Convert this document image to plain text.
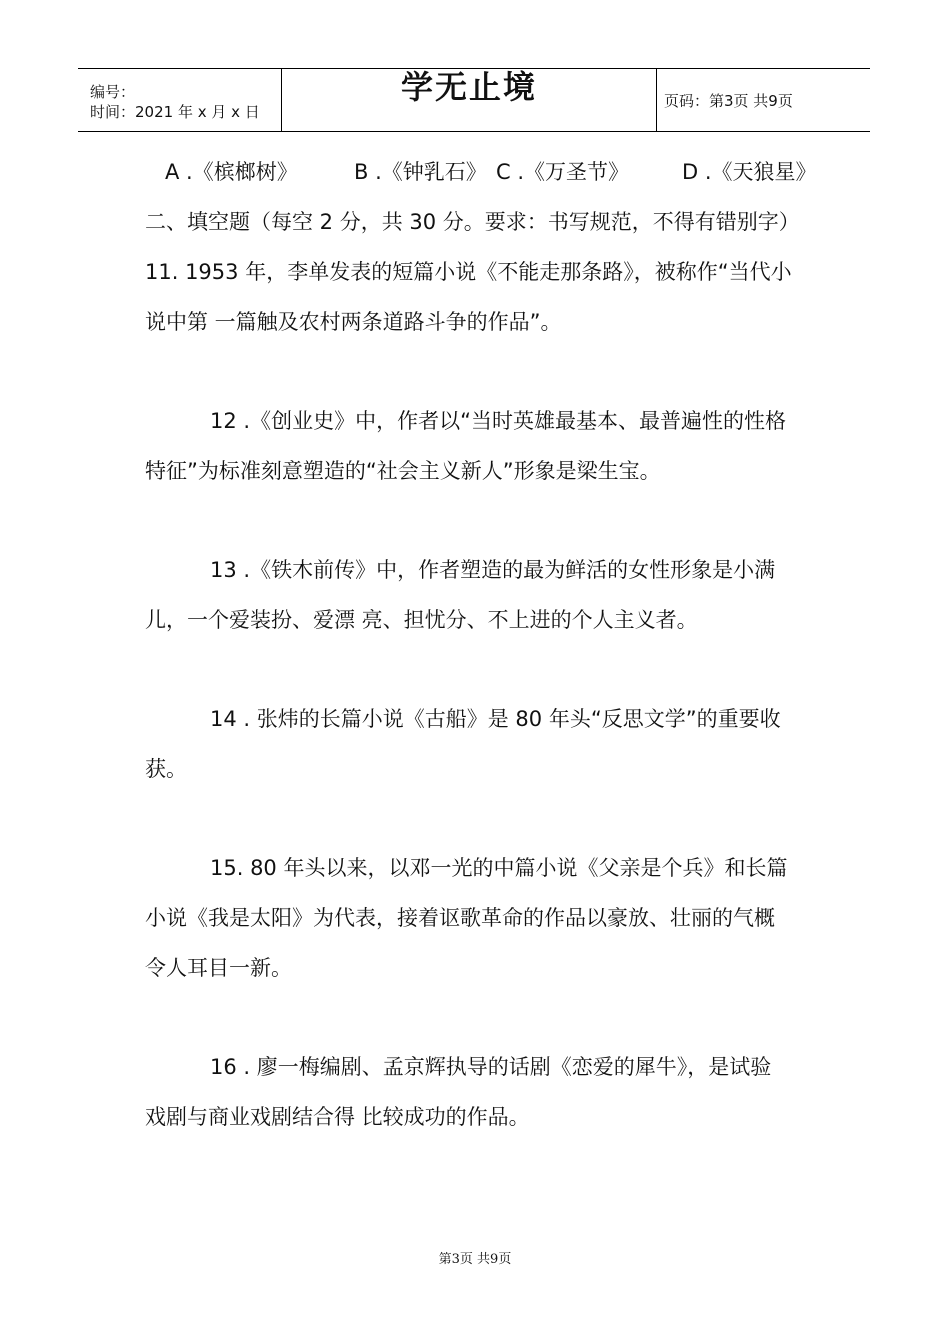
编号：
时间：2021 年 x 月 x 日
学无止境	页码：第3页 共9页
A .《槟榔树》	B .《钟乳石》 C .《万圣节》	D .《天狼星》
二、填空题（每空 2 分，共 30 分。要求：书写规范，不得有错别字）
11. 1953 年，李单发表的短篇小说《不能走那条路》，被称作“当代小
说中第 一篇触及农村两条道路斗争的作品”。
12 .《创业史》中，作者以“当时英雄最基本、最普遍性的性格
特征”为标准刻意塑造的“社会主义新人”形象是梁生宝。
13 .《铁木前传》中，作者塑造的最为鲜活的女性形象是小满
儿，一个爱装扮、爱漂 亮、担忧分、不上进的个人主义者。
14 . 张炜的长篇小说《古船》是 80 年头“反思文学”的重要收
获。
15. 80 年头以来，以邓一光的中篇小说《父亲是个兵》和长篇
小说《我是太阳》为代表，接着讴歌革命的作品以豪放、壮丽的气概
令人耳目一新。
16 . 廖一梅编剧、孟京辉执导的话剧《恋爱的犀牛》，是试验
戏剧与商业戏剧结合得 比较成功的作品。
第3页 共9页
